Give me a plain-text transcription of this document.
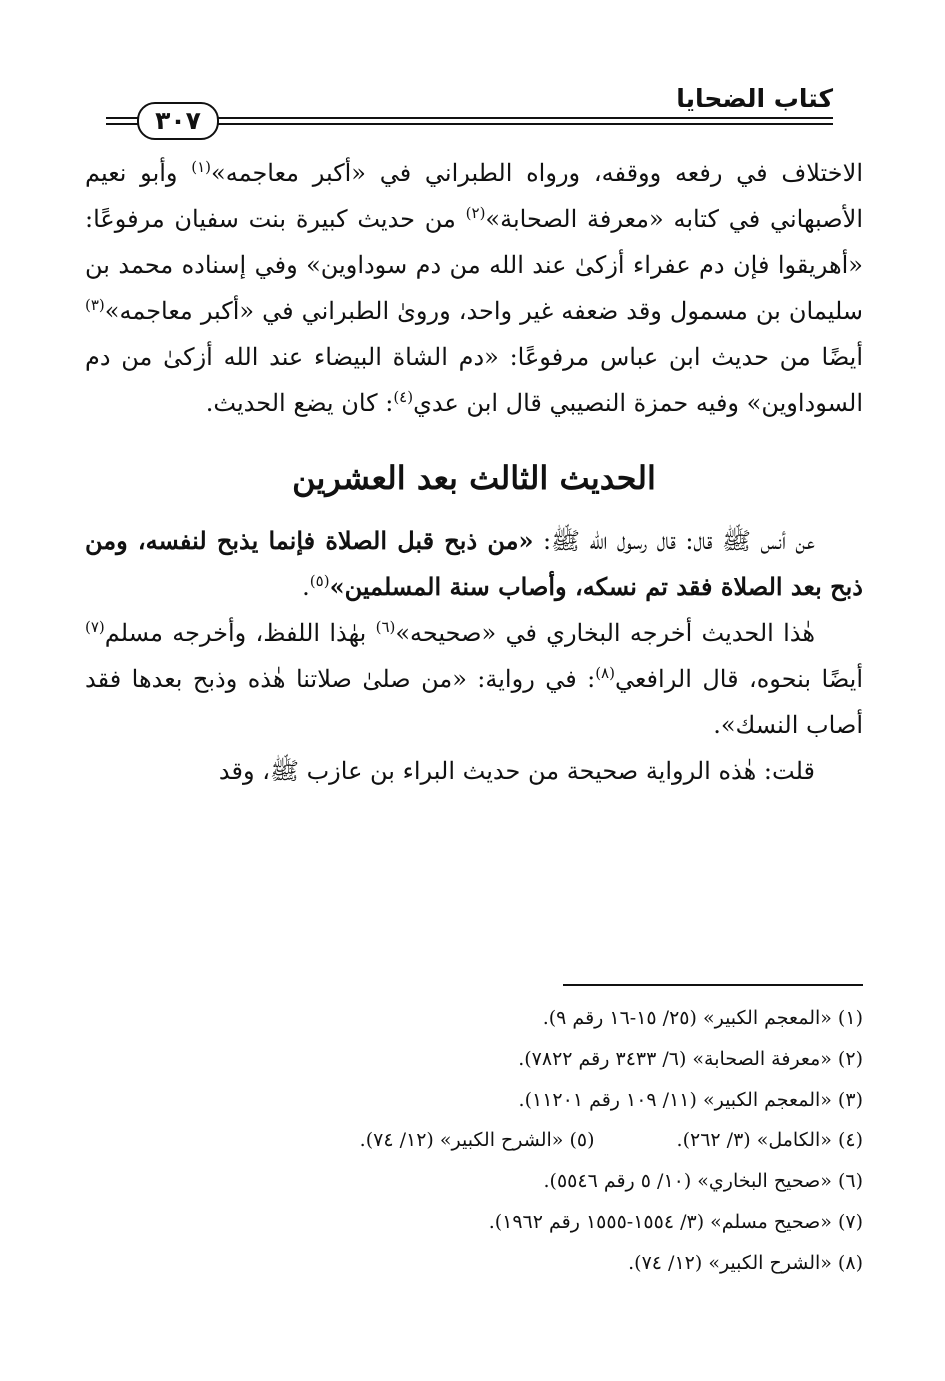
كتاب الضحايا
٣٠٧

الاختلاف في رفعه ووقفه، ورواه الطبراني في «أكبر معاجمه»$^{(١)}$ وأبو نعيم الأصبهاني في كتابه «معرفة الصحابة»$^{(٢)}$ من حديث كبيرة بنت سفيان مرفوعًا: «أهريقوا فإن دم عفراء أزكىٰ عند الله من دم سوداوين» وفي إسناده محمد بن سليمان بن مسمول وقد ضعفه غير واحد، وروىٰ الطبراني في «أكبر معاجمه»$^{(٣)}$ أيضًا من حديث ابن عباس مرفوعًا: «دم الشاة البيضاء عند الله أزكىٰ من دم السوداوين» وفيه حمزة النصيبي قال ابن عدي$^{(٤)}$: كان يضع الحديث.

الحديث الثالث بعد العشرين

عن أنس ﷺ قال: قال رسول الله ﷺ: «من ذبح قبل الصلاة فإنما يذبح لنفسه، ومن ذبح بعد الصلاة فقد تم نسكه، وأصاب سنة المسلمين»$^{(٥)}$.

هٰذا الحديث أخرجه البخاري في «صحيحه»$^{(٦)}$ بهٰذا اللفظ، وأخرجه مسلم$^{(٧)}$ أيضًا بنحوه، قال الرافعي$^{(٨)}$: في رواية: «من صلىٰ صلاتنا هٰذه وذبح بعدها فقد أصاب النسك».

قلت: هٰذه الرواية صحيحة من حديث البراء بن عازب ﷺ، وقد

(١) «المعجم الكبير» (٢٥/ ١٥-١٦ رقم ٩).

(٢) «معرفة الصحابة» (٦/ ٣٤٣٣ رقم ٧٨٢٢).

(٣) «المعجم الكبير» (١١/ ١٠٩ رقم ١١٢٠١).

(٤) «الكامل» (٣/ ٢٦٢).(٥) «الشرح الكبير» (١٢/ ٧٤).

(٦) «صحيح البخاري» (١٠/ ٥ رقم ٥٥٤٦).

(٧) «صحيح مسلم» (٣/ ١٥٥٤-١٥٥٥ رقم ١٩٦٢).

(٨) «الشرح الكبير» (١٢/ ٧٤).
